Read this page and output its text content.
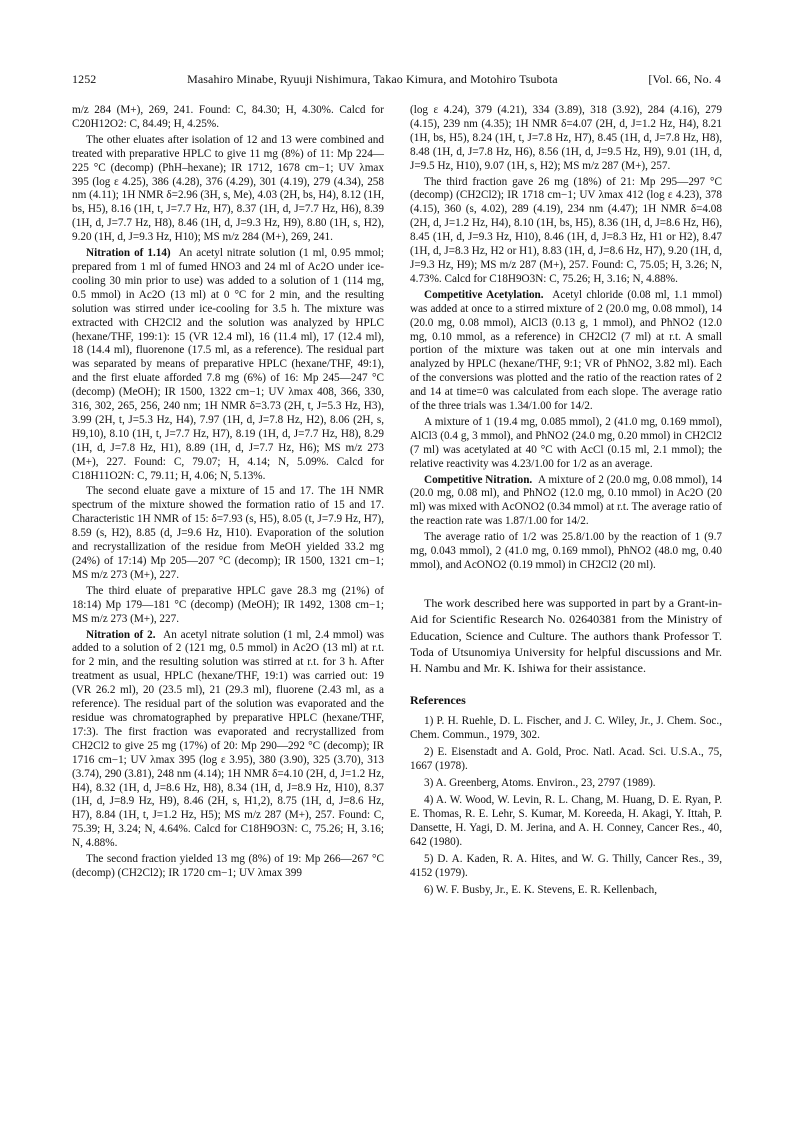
1252	Masahiro Minabe, Ryuuji Nishimura, Takao Kimura, and Motohiro Tsubota	[Vol. 66, No. 4

m/z 284 (M+), 269, 241. Found: C, 84.30; H, 4.30%. Calcd for C20H12O2: C, 84.49; H, 4.25%.

The other eluates after isolation of 12 and 13 were combined and treated with preparative HPLC to give 11 mg (8%) of 11: Mp 224—225 °C (decomp) (PhH–hexane); IR 1712, 1678 cm−1; UV λmax 395 (log ε 4.25), 386 (4.28), 376 (4.29), 301 (4.19), 279 (4.34), 258 nm (4.11); 1H NMR δ=2.96 (3H, s, Me), 4.03 (2H, bs, H4), 8.12 (1H, bs, H5), 8.16 (1H, t, J=7.7 Hz, H7), 8.37 (1H, d, J=7.7 Hz, H6), 8.39 (1H, d, J=7.7 Hz, H8), 8.46 (1H, d, J=9.3 Hz, H9), 8.80 (1H, s, H2), 9.20 (1H, d, J=9.3 Hz, H10); MS m/z 284 (M+), 269, 241.

Nitration of 1.14) An acetyl nitrate solution (1 ml, 0.95 mmol; prepared from 1 ml of fumed HNO3 and 24 ml of Ac2O under ice-cooling 30 min prior to use) was added to a solution of 1 (114 mg, 0.5 mmol) in Ac2O (13 ml) at 0 °C for 2 min, and the resulting solution was stirred under ice-cooling for 3.5 h. The mixture was extracted with CH2Cl2 and the solution was analyzed by HPLC (hexane/THF, 199:1): 15 (VR 12.4 ml), 16 (11.4 ml), 17 (12.4 ml), 18 (14.4 ml), fluorenone (17.5 ml, as a reference). The residual part was separated by means of preparative HPLC (hexane/THF, 49:1), and the first eluate afforded 7.8 mg (6%) of 16: Mp 245—247 °C (decomp) (MeOH); IR 1500, 1322 cm−1; UV λmax 408, 366, 330, 316, 302, 265, 256, 240 nm; 1H NMR δ=3.73 (2H, t, J=5.3 Hz, H3), 3.99 (2H, t, J=5.3 Hz, H4), 7.97 (1H, d, J=7.8 Hz, H2), 8.06 (2H, s, H9,10), 8.10 (1H, t, J=7.7 Hz, H7), 8.19 (1H, d, J=7.7 Hz, H8), 8.29 (1H, d, J=7.8 Hz, H1), 8.89 (1H, d, J=7.7 Hz, H6); MS m/z 273 (M+), 227. Found: C, 79.07; H, 4.14; N, 5.09%. Calcd for C18H11O2N: C, 79.11; H, 4.06; N, 5.13%.

The second eluate gave a mixture of 15 and 17. The 1H NMR spectrum of the mixture showed the formation ratio of 15 and 17. Characteristic 1H NMR of 15: δ=7.93 (s, H5), 8.05 (t, J=7.9 Hz, H7), 8.59 (s, H2), 8.85 (d, J=9.6 Hz, H10). Evaporation of the solution and recrystallization of the residue from MeOH yielded 33.2 mg (24%) of 17:14) Mp 205—207 °C (decomp); IR 1500, 1321 cm−1; MS m/z 273 (M+), 227.

The third eluate of preparative HPLC gave 28.3 mg (21%) of 18:14) Mp 179—181 °C (decomp) (MeOH); IR 1492, 1308 cm−1; MS m/z 273 (M+), 227.

Nitration of 2. An acetyl nitrate solution (1 ml, 2.4 mmol) was added to a solution of 2 (121 mg, 0.5 mmol) in Ac2O (13 ml) at r.t. for 2 min, and the resulting solution was stirred at r.t. for 3 h. After treatment as usual, HPLC (hexane/THF, 19:1) was carried out: 19 (VR 26.2 ml), 20 (23.5 ml), 21 (29.3 ml), fluorene (2.43 ml, as a reference). The residual part of the solution was evaporated and the residue was chromatographed by preparative HPLC (hexane/THF, 17:3). The first fraction was evaporated and recrystallized from CH2Cl2 to give 25 mg (17%) of 20: Mp 290—292 °C (decomp); IR 1716 cm−1; UV λmax 395 (log ε 3.95), 380 (3.90), 325 (3.70), 313 (3.74), 290 (3.81), 248 nm (4.14); 1H NMR δ=4.10 (2H, d, J=1.2 Hz, H4), 8.32 (1H, d, J=8.6 Hz, H8), 8.34 (1H, d, J=8.9 Hz, H10), 8.37 (1H, d, J=8.9 Hz, H9), 8.46 (2H, s, H1,2), 8.75 (1H, d, J=8.6 Hz, H7), 8.84 (1H, t, J=1.2 Hz, H5); MS m/z 287 (M+), 257. Found: C, 75.39; H, 3.24; N, 4.64%. Calcd for C18H9O3N: C, 75.26; H, 3.16; N, 4.88%.

The second fraction yielded 13 mg (8%) of 19: Mp 266—267 °C (decomp) (CH2Cl2); IR 1720 cm−1; UV λmax 399

(log ε 4.24), 379 (4.21), 334 (3.89), 318 (3.92), 284 (4.16), 279 (4.15), 239 nm (4.35); 1H NMR δ=4.07 (2H, d, J=1.2 Hz, H4), 8.21 (1H, bs, H5), 8.24 (1H, t, J=7.8 Hz, H7), 8.45 (1H, d, J=7.8 Hz, H8), 8.48 (1H, d, J=7.8 Hz, H6), 8.56 (1H, d, J=9.5 Hz, H9), 9.01 (1H, d, J=9.5 Hz, H10), 9.07 (1H, s, H2); MS m/z 287 (M+), 257.

The third fraction gave 26 mg (18%) of 21: Mp 295—297 °C (decomp) (CH2Cl2); IR 1718 cm−1; UV λmax 412 (log ε 4.23), 378 (4.15), 360 (s, 4.02), 289 (4.19), 234 nm (4.47); 1H NMR δ=4.08 (2H, d, J=1.2 Hz, H4), 8.10 (1H, bs, H5), 8.36 (1H, d, J=8.6 Hz, H6), 8.45 (1H, d, J=9.3 Hz, H10), 8.46 (1H, d, J=8.3 Hz, H1 or H2), 8.47 (1H, d, J=8.3 Hz, H2 or H1), 8.83 (1H, d, J=8.6 Hz, H7), 9.20 (1H, d, J=9.3 Hz, H9); MS m/z 287 (M+), 257. Found: C, 75.05; H, 3.26; N, 4.73%. Calcd for C18H9O3N: C, 75.26; H, 3.16; N, 4.88%.

Competitive Acetylation. Acetyl chloride (0.08 ml, 1.1 mmol) was added at once to a stirred mixture of 2 (20.0 mg, 0.08 mmol), 14 (20.0 mg, 0.08 mmol), AlCl3 (0.13 g, 1 mmol), and PhNO2 (12.0 mg, 0.10 mmol, as a reference) in CH2Cl2 (7 ml) at r.t. A small portion of the mixture was taken out at one min intervals and analyzed by HPLC (hexane/THF, 9:1; VR of PhNO2, 3.82 ml). Each of the conversions was plotted and the ratio of the reaction rates of 2 and 14 at time=0 was calculated from each slope. The average ratio of the three trials was 1.34/1.00 for 14/2.

A mixture of 1 (19.4 mg, 0.085 mmol), 2 (41.0 mg, 0.169 mmol), AlCl3 (0.4 g, 3 mmol), and PhNO2 (24.0 mg, 0.20 mmol) in CH2Cl2 (7 ml) was acetylated at 40 °C with AcCl (0.15 ml, 2.1 mmol); the relative reactivity was 4.23/1.00 for 1/2 as an average.

Competitive Nitration. A mixture of 2 (20.0 mg, 0.08 mmol), 14 (20.0 mg, 0.08 ml), and PhNO2 (12.0 mg, 0.10 mmol) in Ac2O (20 ml) was mixed with AcONO2 (0.34 mmol) at r.t. The average ratio of the reaction rate was 1.87/1.00 for 14/2.

The average ratio of 1/2 was 25.8/1.00 by the reaction of 1 (9.7 mg, 0.043 mmol), 2 (41.0 mg, 0.169 mmol), PhNO2 (48.0 mg, 0.40 mmol), and AcONO2 (0.19 mmol) in CH2Cl2 (20 ml).

The work described here was supported in part by a Grant-in-Aid for Scientific Research No. 02640381 from the Ministry of Education, Science and Culture. The authors thank Professor T. Toda of Utsunomiya University for helpful discussions and Mr. H. Nambu and Mr. K. Ishiwa for their assistance.

References

1) P. H. Ruehle, D. L. Fischer, and J. C. Wiley, Jr., J. Chem. Soc., Chem. Commun., 1979, 302.

2) E. Eisenstadt and A. Gold, Proc. Natl. Acad. Sci. U.S.A., 75, 1667 (1978).

3) A. Greenberg, Atoms. Environ., 23, 2797 (1989).

4) A. W. Wood, W. Levin, R. L. Chang, M. Huang, D. E. Ryan, P. E. Thomas, R. E. Lehr, S. Kumar, M. Koreeda, H. Akagi, Y. Ittah, P. Dansette, H. Yagi, D. M. Jerina, and A. H. Conney, Cancer Res., 40, 642 (1980).

5) D. A. Kaden, R. A. Hites, and W. G. Thilly, Cancer Res., 39, 4152 (1979).

6) W. F. Busby, Jr., E. K. Stevens, E. R. Kellenbach,
